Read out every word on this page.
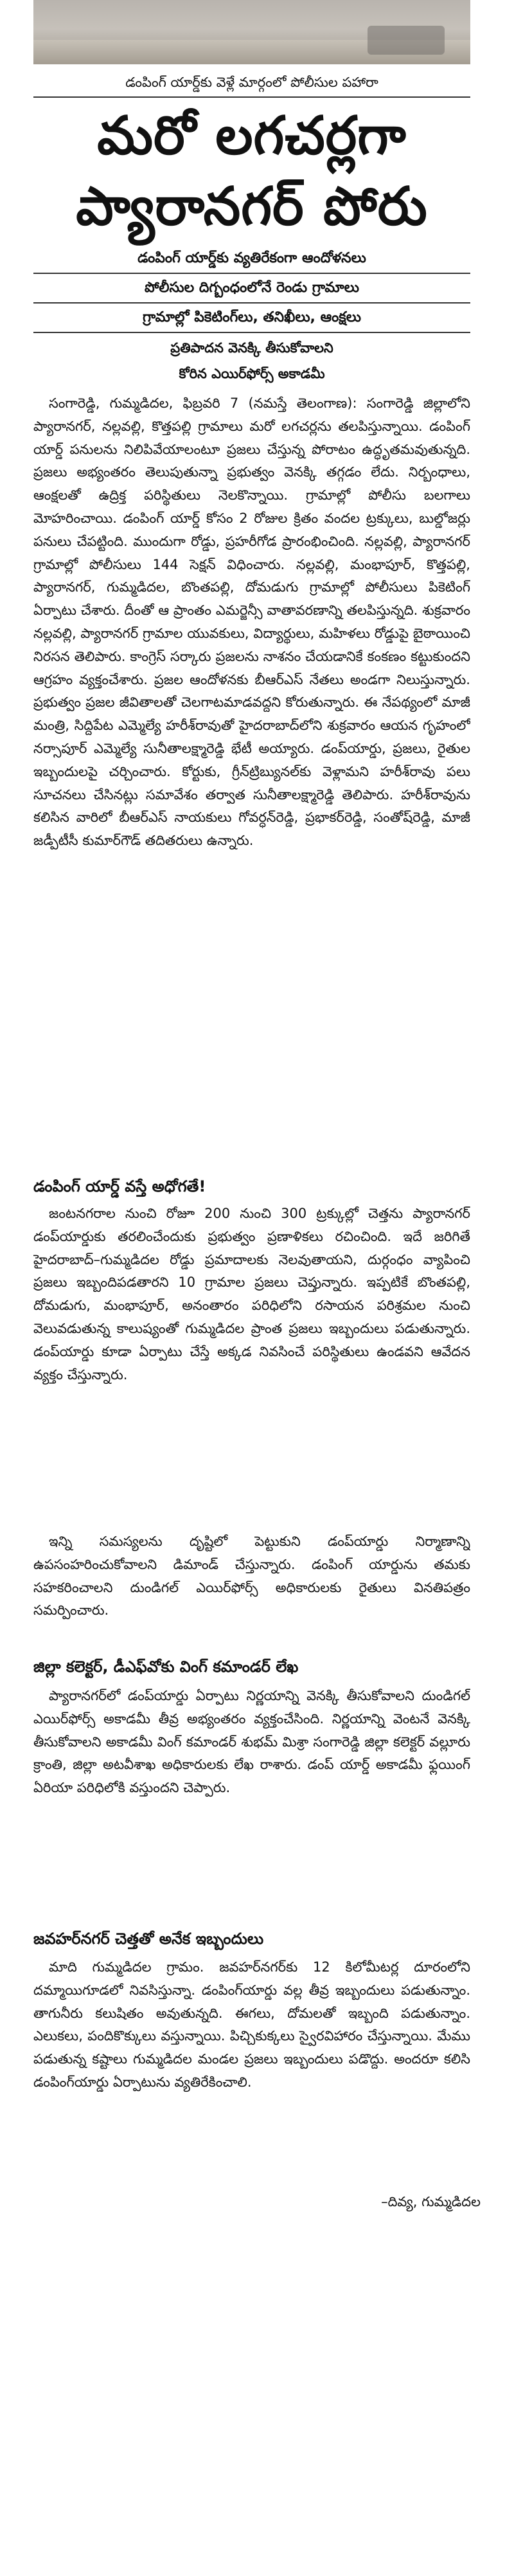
డంపింగ్ యార్డ్‌కు వెళ్లే మార్గంలో పోలీసుల పహారా
మరో లగచర్లగా
ప్యారానగర్ పోరు
డంపింగ్ యార్డ్‌కు వ్యతిరేకంగా ఆందోళనలు
పోలీసుల దిగ్బంధంలోనే రెండు గ్రామాలు
గ్రామాల్లో పికెటింగ్‌లు, తనిఖీలు, ఆంక్షలు
ప్రతిపాదన వెనక్కి తీసుకోవాలని
కోరిన ఎయిర్‌ఫోర్స్ అకాడమీ

సంగారెడ్డి, గుమ్మడిదల, ఫిబ్రవరి 7 (నమస్తే తెలంగాణ): సంగారెడ్డి జిల్లాలోని ప్యారానగర్, నల్లవల్లి, కొత్తపల్లి గ్రామాలు మరో లగచర్లను తలపిస్తున్నాయి. డంపింగ్ యార్డ్ పనులను నిలిపివేయాలంటూ ప్రజలు చేస్తున్న పోరాటం ఉద్ధృతమవుతున్నది. ప్రజలు అభ్యంతరం తెలుపుతున్నా ప్రభుత్వం వెనక్కి తగ్గడం లేదు. నిర్బంధాలు, ఆంక్షలతో ఉద్రిక్త పరిస్థితులు నెలకొన్నాయి. గ్రామాల్లో పోలీసు బలగాలు మోహరించాయి. డంపింగ్ యార్డ్ కోసం 2 రోజుల క్రితం వందల ట్రక్కులు, బుల్డోజర్లు పనులు చేపట్టింది. ముందుగా రోడ్డు, ప్రహరీగోడ ప్రారంభించింది. నల్లవల్లి, ప్యారానగర్ గ్రామాల్లో పోలీసులు 144 సెక్షన్ విధించారు. నల్లవల్లి, మంభాపూర్, కొత్తపల్లి, ప్యారానగర్, గుమ్మడిదల, బొంతపల్లి, దోమడుగు గ్రామాల్లో పోలీసులు పికెటింగ్ ఏర్పాటు చేశారు. దీంతో ఆ ప్రాంతం ఎమర్జెన్సీ వాతావరణాన్ని తలపిస్తున్నది. శుక్రవారం నల్లవల్లి, ప్యారానగర్ గ్రామాల యువకులు, విద్యార్థులు, మహిళలు రోడ్డుపై బైఠాయించి నిరసన తెలిపారు. కాంగ్రెస్ సర్కారు ప్రజలను నాశనం చేయడానికే కంకణం కట్టుకుందని ఆగ్రహం వ్యక్తంచేశారు. ప్రజల ఆందోళనకు బీఆర్‌ఎస్ నేతలు అండగా నిలుస్తున్నారు. ప్రభుత్వం ప్రజల జీవితాలతో చెలగాటమాడవద్దని కోరుతున్నారు. ఈ నేపథ్యంలో మాజీ మంత్రి, సిద్దిపేట ఎమ్మెల్యే హరీశ్‌రావుతో హైదరాబాద్‌లోని శుక్రవారం ఆయన గృహంలో నర్సాపూర్ ఎమ్మెల్యే సునీతాలక్ష్మారెడ్డి భేటీ అయ్యారు. డంప్‌యార్డు, ప్రజలు, రైతుల ఇబ్బందులపై చర్చించారు. కోర్టుకు, గ్రీన్‌ట్రిబ్యునల్‌కు వెళ్లామని హరీశ్‌రావు పలు సూచనలు చేసినట్లు సమావేశం తర్వాత సునీతాలక్ష్మారెడ్డి తెలిపారు. హరీశ్‌రావును కలిసిన వారిలో బీఆర్‌ఎస్ నాయకులు గోవర్ధన్‌రెడ్డి, ప్రభాకర్‌రెడ్డి, సంతోష్‌రెడ్డి, మాజీ జడ్పీటీసీ కుమార్‌గౌడ్ తదితరులు ఉన్నారు.

డంపింగ్ యార్డ్ వస్తే అధోగతే!

జంటనగరాల నుంచి రోజూ 200 నుంచి 300 ట్రక్కుల్లో చెత్తను ప్యారానగర్ డంప్‌యార్డుకు తరలించేందుకు ప్రభుత్వం ప్రణాళికలు రచించింది. ఇదే జరిగితే హైదరాబాద్–గుమ్మడిదల రోడ్డు ప్రమాదాలకు నెలవుతాయని, దుర్గంధం వ్యాపించి ప్రజలు ఇబ్బందిపడతారని 10 గ్రామాల ప్రజలు చెప్తున్నారు. ఇప్పటికే బొంతపల్లి, దోమడుగు, మంభాపూర్, అనంతారం పరిధిలోని రసాయన పరిశ్రమల నుంచి వెలువడుతున్న కాలుష్యంతో గుమ్మడిదల ప్రాంత ప్రజలు ఇబ్బందులు పడుతున్నారు. డంప్‌యార్డు కూడా ఏర్పాటు చేస్తే అక్కడ నివసించే పరిస్థితులు ఉండవని ఆవేదన వ్యక్తం చేస్తున్నారు.

ఇన్ని సమస్యలను దృష్టిలో పెట్టుకుని డంప్‌యార్డు నిర్మాణాన్ని ఉపసంహరించుకోవాలని డిమాండ్ చేస్తున్నారు. డంపింగ్ యార్డును తమకు సహకరించాలని దుండిగల్ ఎయిర్‌ఫోర్స్ అధికారులకు రైతులు వినతిపత్రం సమర్పించారు.

జిల్లా కలెక్టర్, డీఎఫ్‌వోకు వింగ్ కమాండర్ లేఖ

ప్యారానగర్‌లో డంప్‌యార్డు ఏర్పాటు నిర్ణయాన్ని వెనక్కి తీసుకోవాలని దుండిగల్ ఎయిర్‌ఫోర్స్ అకాడమీ తీవ్ర అభ్యంతరం వ్యక్తంచేసింది. నిర్ణయాన్ని వెంటనే వెనక్కి తీసుకోవాలని అకాడమీ వింగ్ కమాండర్ శుభమ్ మిశ్రా సంగారెడ్డి జిల్లా కలెక్టర్ వల్లూరు క్రాంతి, జిల్లా అటవీశాఖ అధికారులకు లేఖ రాశారు. డంప్ యార్డ్ అకాడమీ ఫ్లయింగ్ ఏరియా పరిధిలోకి వస్తుందని చెప్పారు.

జవహర్‌నగర్ చెత్తతో అనేక ఇబ్బందులు

మాది గుమ్మడిదల గ్రామం. జవహర్‌నగర్‌కు 12 కిలోమీటర్ల దూరంలోని దమ్మాయిగూడలో నివసిస్తున్నా. డంపింగ్‌యార్డు వల్ల తీవ్ర ఇబ్బందులు పడుతున్నాం. తాగునీరు కలుషితం అవుతున్నది. ఈగలు, దోమలతో ఇబ్బంది పడుతున్నాం. ఎలుకలు, పందికొక్కులు వస్తున్నాయి. పిచ్చికుక్కలు స్వైరవిహారం చేస్తున్నాయి. మేము పడుతున్న కష్టాలు గుమ్మడిదల మండల ప్రజలు ఇబ్బందులు పడొద్దు. అందరూ కలిసి డంపింగ్‌యార్డు ఏర్పాటును వ్యతిరేకించాలి.

–దివ్య, గుమ్మడిదల
